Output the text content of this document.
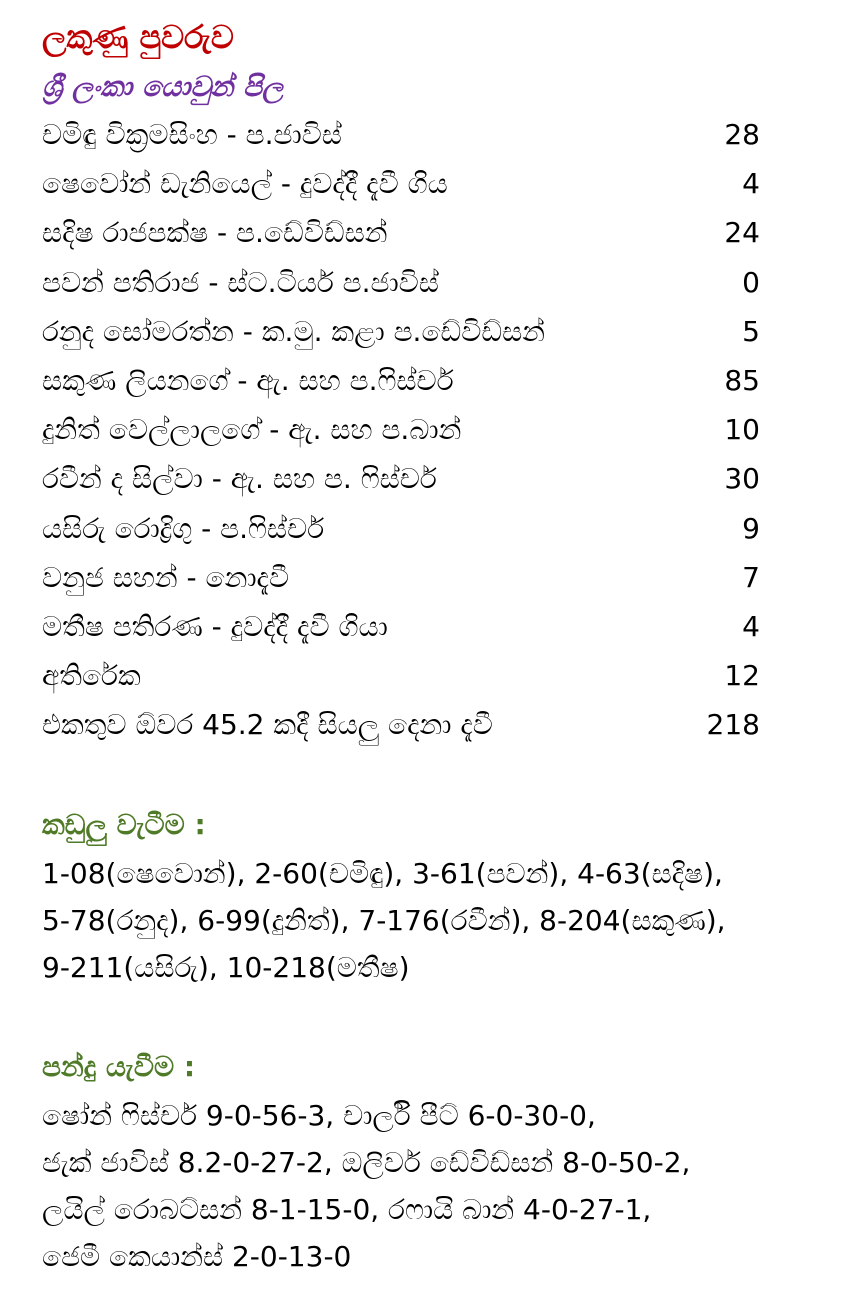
ලකුණු පුවරුව
ශ්‍රී ලංකා යොවුන් පිල
චමිඳු වික්‍රමසිංහ - ප.ජාවිස්	28
ෂෙවෝන් ඩැනියෙල් - දුවද්දී දැවී ගිය	4
සදිෂ රාජපක්ෂ - ප.ඩේවිඩ්සන්	24
පවන් පතිරාජ - ස්ට.ටියර් ප.ජාවිස්	0
රනුද සෝමරත්න - ක.මු. කළා ප.ඩේවිඩ්සන්	5
සකුණ ලියනගේ - ඇ. සහ ප.ෆිස්චර්	85
දුනිත් වෙල්ලාලගේ - ඇ. සහ ප.බාන්	10
රවීන් ද සිල්වා - ඇ. සහ ප. ෆිස්චර්	30
යසිරු රොද්‍රිගු - ප.ෆිස්චර්	9
වනුජ සහන් - නොදැවී	7
මතීෂ පතිරණ - දුවද්දී දැවී ගියා	4
අතිරේක	12
එකතුව ඕවර 45.2 කදී සියලු දෙනා දැවී	218
කඩුලු වැටීම :
1-08(ෂෙවොන්), 2-60(චමිඳු), 3-61(පවන්), 4-63(සදිෂ),
5-78(රනුද), 6-99(දුනිත්), 7-176(රවීන්), 8-204(සකුණ),
9-211(යසිරු), 10-218(මතීෂ)
පන්දු යැවීම :
ෂෝන් ෆිස්චර් 9-0-56-3, චාර්ලි පීට් 6-0-30-0,
ජැක් ජාවිස් 8.2-0-27-2, ඔලිවර් ඩේවිඩ්සන් 8-0-50-2,
ලයිල් රොබට්සන් 8-1-15-0, රෆායි බාන් 4-0-27-1,
ජෙමී කෙයාන්ස් 2-0-13-0
